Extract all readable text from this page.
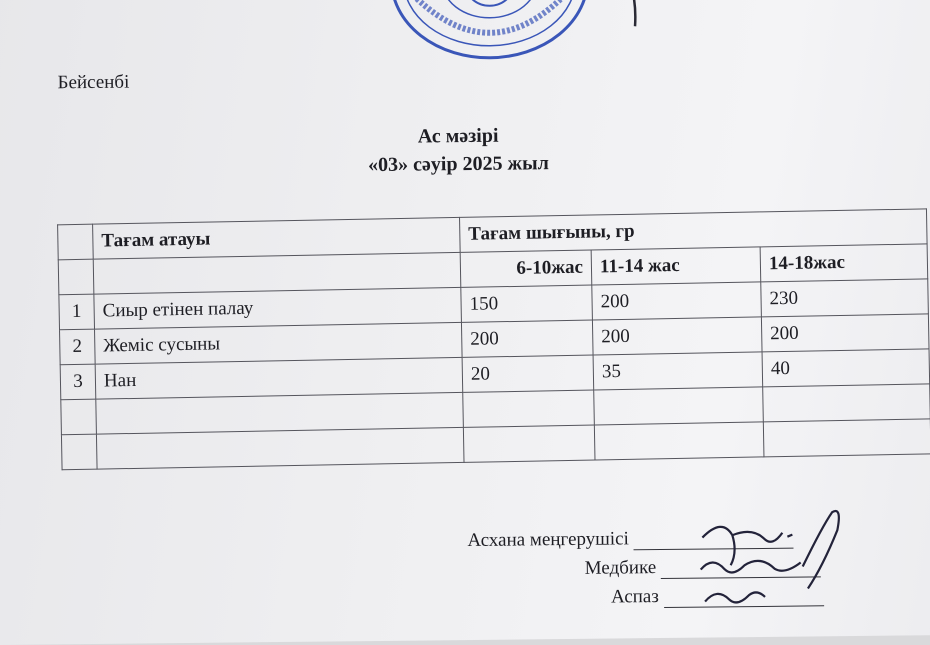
Бейсенбі
Ас мәзірі
«03» сәуір 2025 жыл
	Тағам атауы	Тағам шығыны, гр		
		6-10жас	11-14 жас	14-18жас
1	Сиыр етінен палау	150	200	230
2	Жеміс сусыны	200	200	200
3	Нан	20	35	40

Асхана меңгерушісі
Медбике
Аспаз
